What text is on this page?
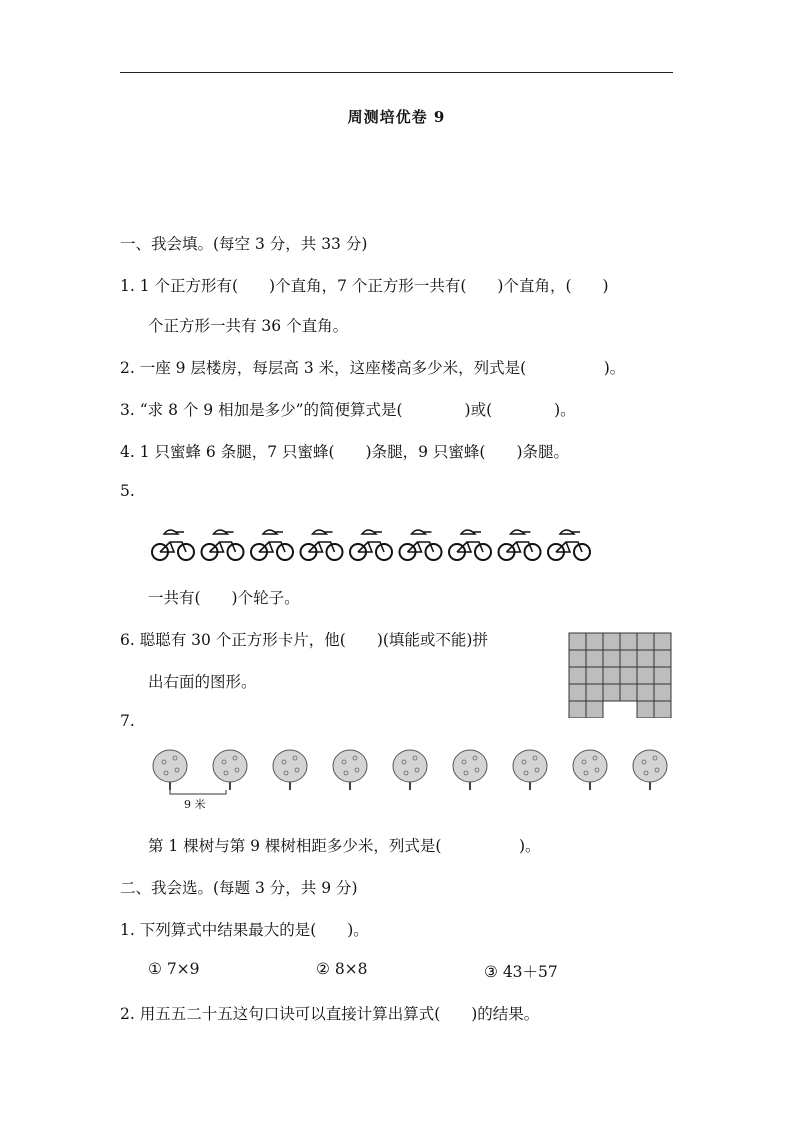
周测培优卷 9
一、我会填。(每空 3 分，共 33 分)
1. 1 个正方形有(　　)个直角，7 个正方形一共有(　　)个直角，(　　)
个正方形一共有 36 个直角。
2. 一座 9 层楼房，每层高 3 米，这座楼高多少米，列式是(　　　　　)。
3. “求 8 个 9 相加是多少”的简便算式是(　　　　)或(　　　　)。
4. 1 只蜜蜂 6 条腿，7 只蜜蜂(　　)条腿，9 只蜜蜂(　　)条腿。
5.
一共有(　　)个轮子。
6. 聪聪有 30 个正方形卡片，他(　　)(填能或不能)拼
出右面的图形。
7.
9 米
第 1 棵树与第 9 棵树相距多少米，列式是(　　　　　)。
二、我会选。(每题 3 分，共 9 分)
1. 下列算式中结果最大的是(　　)。
① 7×9	② 8×8	③ 43＋57
2. 用五五二十五这句口诀可以直接计算出算式(　　)的结果。
